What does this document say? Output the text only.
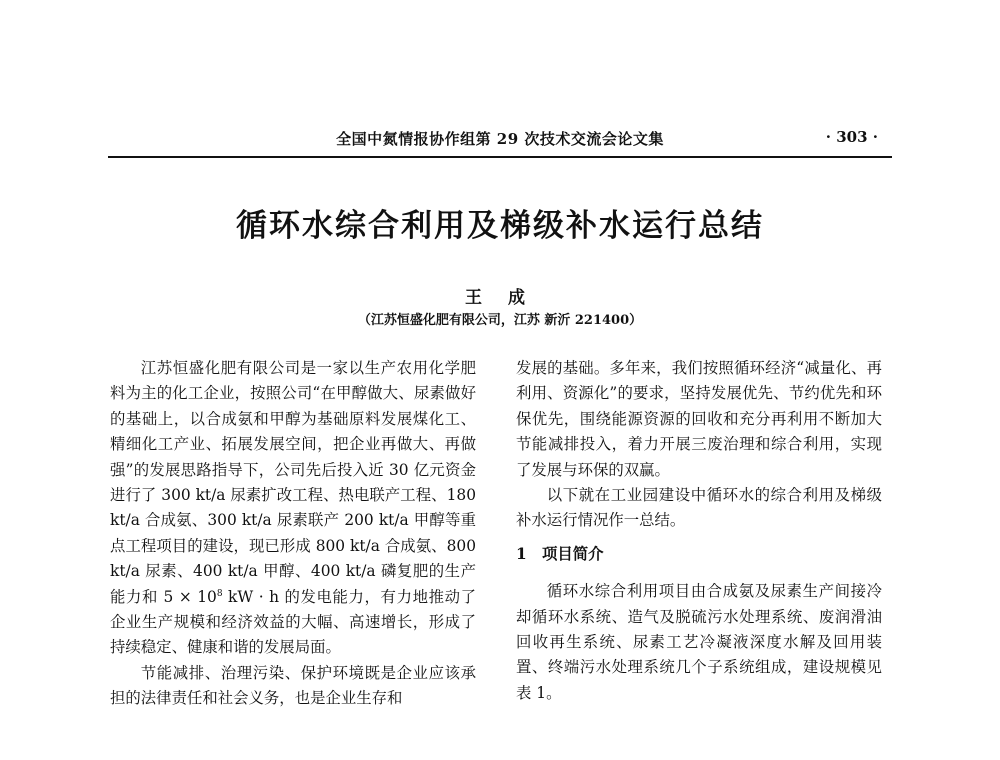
全国中氮情报协作组第 29 次技术交流会论文集	· 303 ·
循环水综合利用及梯级补水运行总结
王 成
（江苏恒盛化肥有限公司，江苏 新沂 221400）

江苏恒盛化肥有限公司是一家以生产农用化学肥料为主的化工企业，按照公司“在甲醇做大、尿素做好的基础上，以合成氨和甲醇为基础原料发展煤化工、精细化工产业、拓展发展空间，把企业再做大、再做强”的发展思路指导下，公司先后投入近 30 亿元资金进行了 300 kt/a 尿素扩改工程、热电联产工程、180 kt/a 合成氨、300 kt/a 尿素联产 200 kt/a 甲醇等重点工程项目的建设，现已形成 800 kt/a 合成氨、800 kt/a 尿素、400 kt/a 甲醇、400 kt/a 磷复肥的生产能力和 $5 \times 10^8$ kW · h 的发电能力，有力地推动了企业生产规模和经济效益的大幅、高速增长，形成了持续稳定、健康和谐的发展局面。

节能减排、治理污染、保护环境既是企业应该承担的法律责任和社会义务，也是企业生存和

发展的基础。多年来，我们按照循环经济“减量化、再利用、资源化”的要求，坚持发展优先、节约优先和环保优先，围绕能源资源的回收和充分再利用不断加大节能减排投入，着力开展三废治理和综合利用，实现了发展与环保的双赢。

以下就在工业园建设中循环水的综合利用及梯级补水运行情况作一总结。

1 项目简介

循环水综合利用项目由合成氨及尿素生产间接冷却循环水系统、造气及脱硫污水处理系统、废润滑油回收再生系统、尿素工艺冷凝液深度水解及回用装置、终端污水处理系统几个子系统组成，建设规模见表 1。
